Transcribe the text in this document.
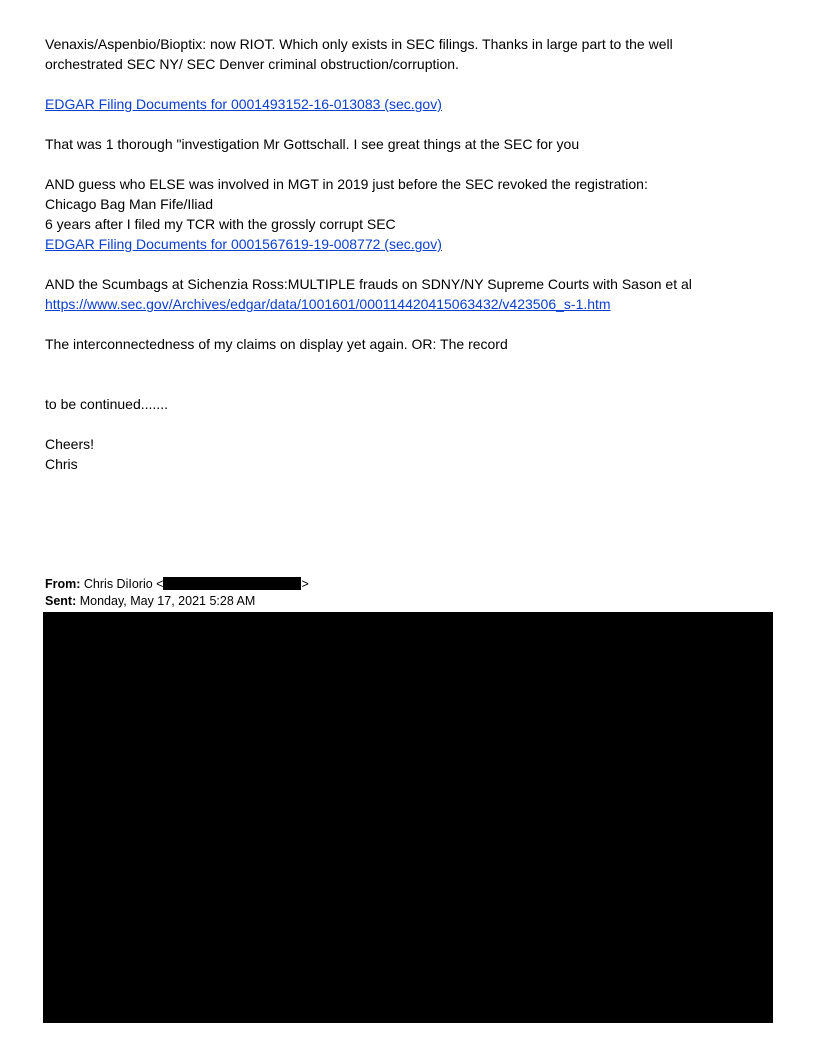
Venaxis/Aspenbio/Bioptix: now RIOT. Which only exists in SEC filings. Thanks in large part to the well
orchestrated SEC NY/ SEC Denver criminal obstruction/corruption.
EDGAR Filing Documents for 0001493152-16-013083 (sec.gov)
That was 1 thorough "investigation Mr Gottschall. I see great things at the SEC for you
AND guess who ELSE was involved in MGT in 2019 just before the SEC revoked the registration:
Chicago Bag Man Fife/Iliad
6 years after I filed my TCR with the grossly corrupt SEC
EDGAR Filing Documents for 0001567619-19-008772 (sec.gov)
AND the Scumbags at Sichenzia Ross:MULTIPLE frauds on SDNY/NY Supreme Courts with Sason et al
https://www.sec.gov/Archives/edgar/data/1001601/000114420415063432/v423506_s-1.htm
The interconnectedness of my claims on display yet again. OR: The record
to be continued.......
Cheers!
Chris
From: Chris DiIorio <	>
Sent: Monday, May 17, 2021 5:28 AM
